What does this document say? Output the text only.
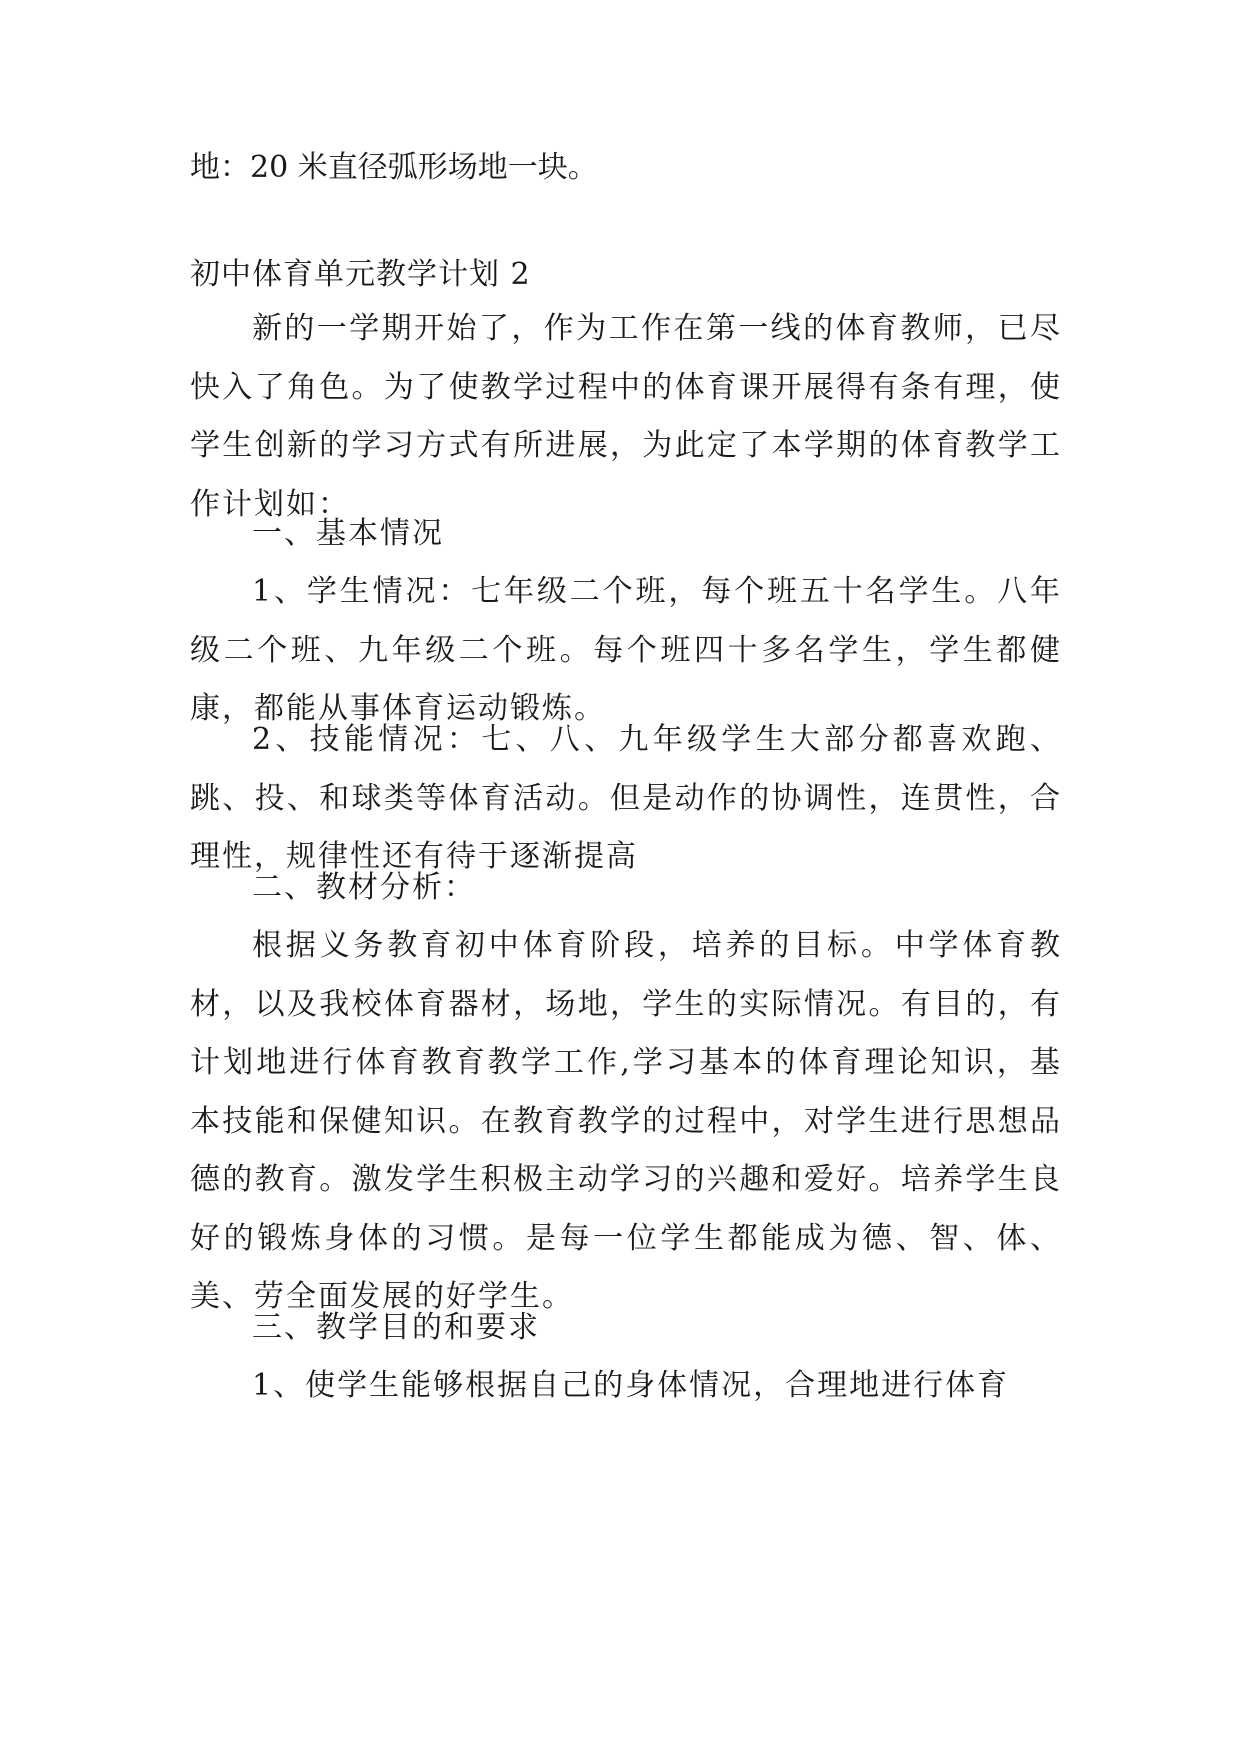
地：20 米直径弧形场地一块。
初中体育单元教学计划 2
新的一学期开始了，作为工作在第一线的体育教师，已尽快入了角色。为了使教学过程中的体育课开展得有条有理，使学生创新的学习方式有所进展，为此定了本学期的体育教学工作计划如：
一、基本情况
1、学生情况：七年级二个班，每个班五十名学生。八年级二个班、九年级二个班。每个班四十多名学生，学生都健康，都能从事体育运动锻炼。
2、技能情况：七、八、九年级学生大部分都喜欢跑、跳、投、和球类等体育活动。但是动作的协调性，连贯性，合理性，规律性还有待于逐渐提高
二、教材分析：
根据义务教育初中体育阶段，培养的目标。中学体育教材，以及我校体育器材，场地，学生的实际情况。有目的，有计划地进行体育教育教学工作,学习基本的体育理论知识，基本技能和保健知识。在教育教学的过程中，对学生进行思想品德的教育。激发学生积极主动学习的兴趣和爱好。培养学生良好的锻炼身体的习惯。是每一位学生都能成为德、智、体、美、劳全面发展的好学生。
三、教学目的和要求
1、使学生能够根据自己的身体情况，合理地进行体育
